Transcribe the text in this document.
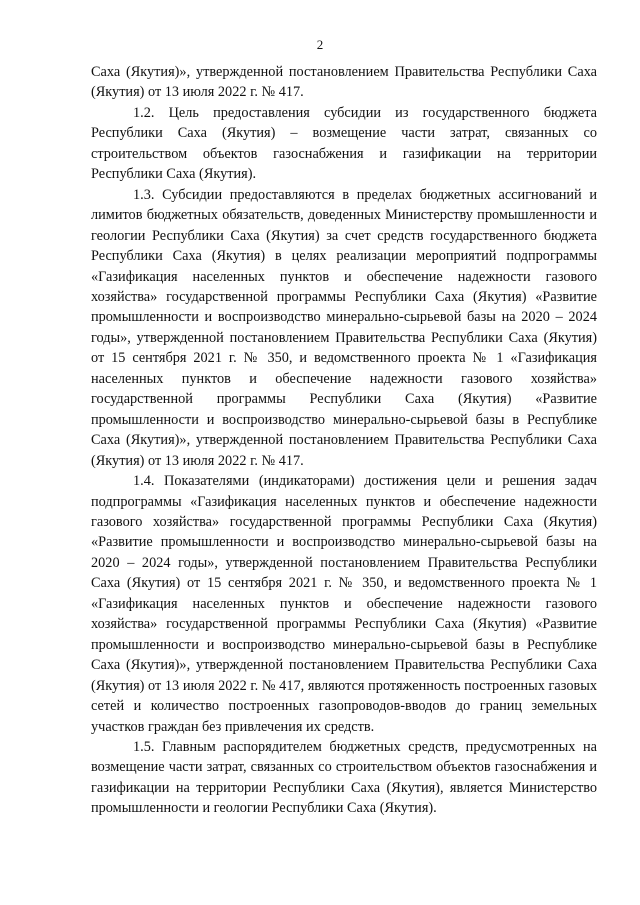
2

Саха (Якутия)», утвержденной постановлением Правительства Республики Саха (Якутия) от 13 июля 2022 г. № 417.

1.2. Цель предоставления субсидии из государственного бюджета Республики Саха (Якутия) – возмещение части затрат, связанных со строительством объектов газоснабжения и газификации на территории Республики Саха (Якутия).

1.3. Субсидии предоставляются в пределах бюджетных ассигнований и лимитов бюджетных обязательств, доведенных Министерству промышленности и геологии Республики Саха (Якутия) за счет средств государственного бюджета Республики Саха (Якутия) в целях реализации мероприятий подпрограммы «Газификация населенных пунктов и обеспечение надежности газового хозяйства» государственной программы Республики Саха (Якутия) «Развитие промышленности и воспроизводство минерально-сырьевой базы на 2020 – 2024 годы», утвержденной постановлением Правительства Республики Саха (Якутия) от 15 сентября 2021 г. № 350, и ведомственного проекта № 1 «Газификация населенных пунктов и обеспечение надежности газового хозяйства» государственной программы Республики Саха (Якутия) «Развитие промышленности и воспроизводство минерально-сырьевой базы в Республике Саха (Якутия)», утвержденной постановлением Правительства Республики Саха (Якутия) от 13 июля 2022 г. № 417.

1.4. Показателями (индикаторами) достижения цели и решения задач подпрограммы «Газификация населенных пунктов и обеспечение надежности газового хозяйства» государственной программы Республики Саха (Якутия) «Развитие промышленности и воспроизводство минерально-сырьевой базы на 2020 – 2024 годы», утвержденной постановлением Правительства Республики Саха (Якутия) от 15 сентября 2021 г. № 350, и ведомственного проекта № 1 «Газификация населенных пунктов и обеспечение надежности газового хозяйства» государственной программы Республики Саха (Якутия) «Развитие промышленности и воспроизводство минерально-сырьевой базы в Республике Саха (Якутия)», утвержденной постановлением Правительства Республики Саха (Якутия) от 13 июля 2022 г. № 417, являются протяженность построенных газовых сетей и количество построенных газопроводов-вводов до границ земельных участков граждан без привлечения их средств.

1.5. Главным распорядителем бюджетных средств, предусмотренных на возмещение части затрат, связанных со строительством объектов газоснабжения и газификации на территории Республики Саха (Якутия), является Министерство промышленности и геологии Республики Саха (Якутия).
